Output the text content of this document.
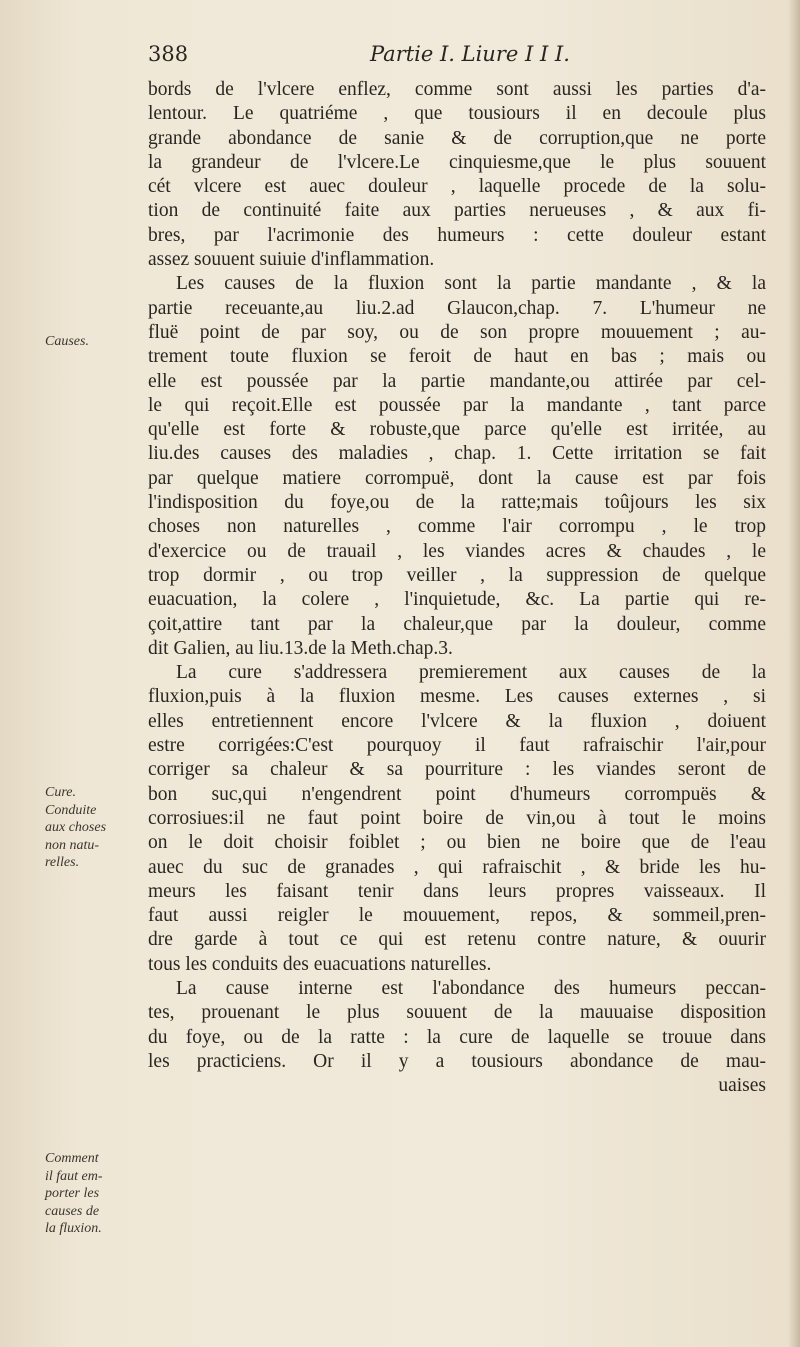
388	Partie I. Liure I I I.
Causes.
Cure.
Conduite
aux choses
non natu-
relles.
Comment
il faut em-
porter les
causes de
la fluxion.
bords de l'vlcere enflez, comme sont aussi les parties d'a-
lentour. Le quatriéme , que tousiours il en decoule plus
grande abondance de sanie & de corruption,que ne porte
la grandeur de l'vlcere.Le cinquiesme,que le plus souuent
cét vlcere est auec douleur , laquelle procede de la solu-
tion de continuité faite aux parties nerueuses , & aux fi-
bres, par l'acrimonie des humeurs : cette douleur estant
assez souuent suiuie d'inflammation.
Les causes de la fluxion sont la partie mandante , & la
partie receuante,au liu.2.ad Glaucon,chap. 7. L'humeur ne
fluë point de par soy, ou de son propre mouuement ; au-
trement toute fluxion se feroit de haut en bas ; mais ou
elle est poussée par la partie mandante,ou attirée par cel-
le qui reçoit.Elle est poussée par la mandante , tant parce
qu'elle est forte & robuste,que parce qu'elle est irritée, au
liu.des causes des maladies , chap. 1. Cette irritation se fait
par quelque matiere corrompuë, dont la cause est par fois
l'indisposition du foye,ou de la ratte;mais toûjours les six
choses non naturelles , comme l'air corrompu , le trop
d'exercice ou de trauail , les viandes acres & chaudes , le
trop dormir , ou trop veiller , la suppression de quelque
euacuation, la colere , l'inquietude, &c. La partie qui re-
çoit,attire tant par la chaleur,que par la douleur, comme
dit Galien, au liu.13.de la Meth.chap.3.
La cure s'addressera premierement aux causes de la
fluxion,puis à la fluxion mesme. Les causes externes , si
elles entretiennent encore l'vlcere & la fluxion , doiuent
estre corrigées:C'est pourquoy il faut rafraischir l'air,pour
corriger sa chaleur & sa pourriture : les viandes seront de
bon suc,qui n'engendrent point d'humeurs corrompuës &
corrosiues:il ne faut point boire de vin,ou à tout le moins
on le doit choisir foiblet ; ou bien ne boire que de l'eau
auec du suc de granades , qui rafraischit , & bride les hu-
meurs les faisant tenir dans leurs propres vaisseaux. Il
faut aussi reigler le mouuement, repos, & sommeil,pren-
dre garde à tout ce qui est retenu contre nature, & ouurir
tous les conduits des euacuations naturelles.
La cause interne est l'abondance des humeurs peccan-
tes, prouenant le plus souuent de la mauuaise disposition
du foye, ou de la ratte : la cure de laquelle se trouue dans
les practiciens. Or il y a tousiours abondance de mau-
uaises
